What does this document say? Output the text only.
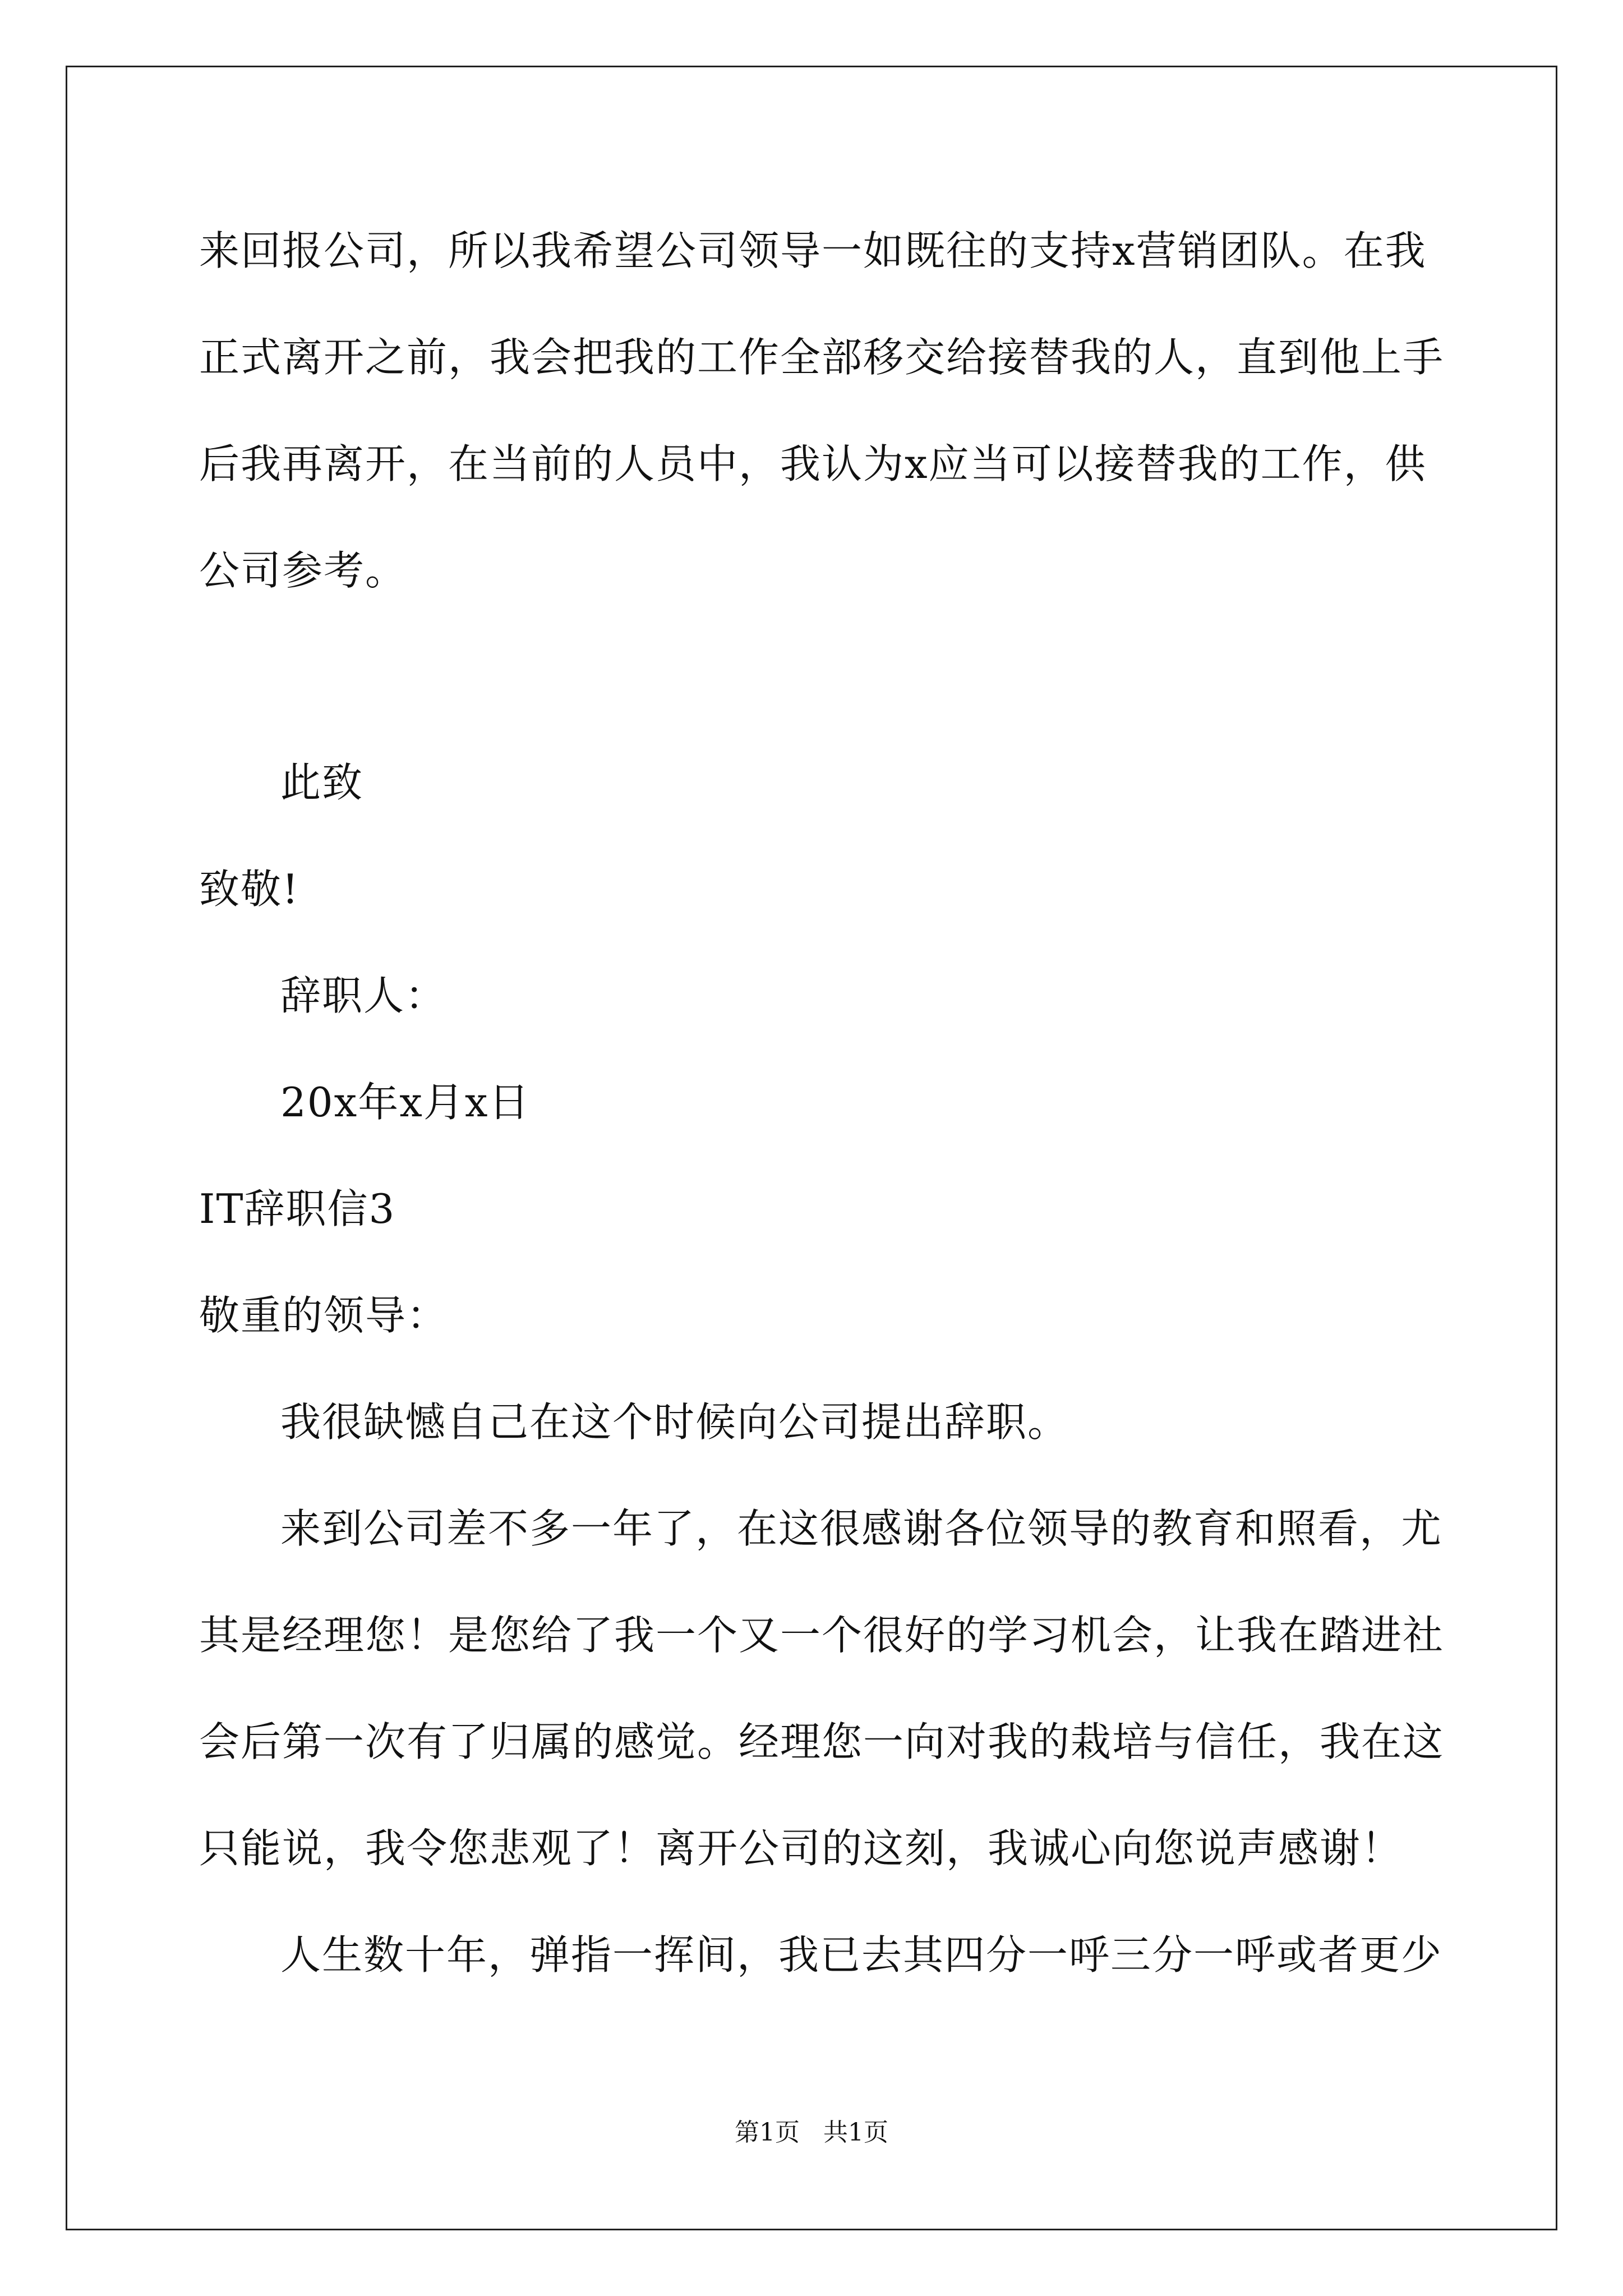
来回报公司，所以我希望公司领导一如既往的支持x营销团队。在我
正式离开之前，我会把我的工作全部移交给接替我的人，直到他上手
后我再离开，在当前的人员中，我认为x应当可以接替我的工作，供
公司参考。
此致
致敬!
辞职人：
20x年x月x日
IT辞职信3
敬重的领导：
我很缺憾自己在这个时候向公司提出辞职。
来到公司差不多一年了，在这很感谢各位领导的教育和照看，尤
其是经理您！是您给了我一个又一个很好的学习机会，让我在踏进社
会后第一次有了归属的感觉。经理您一向对我的栽培与信任，我在这
只能说，我令您悲观了！离开公司的这刻，我诚心向您说声感谢！
人生数十年，弹指一挥间，我已去其四分一呼三分一呼或者更少
第1页   共1页
